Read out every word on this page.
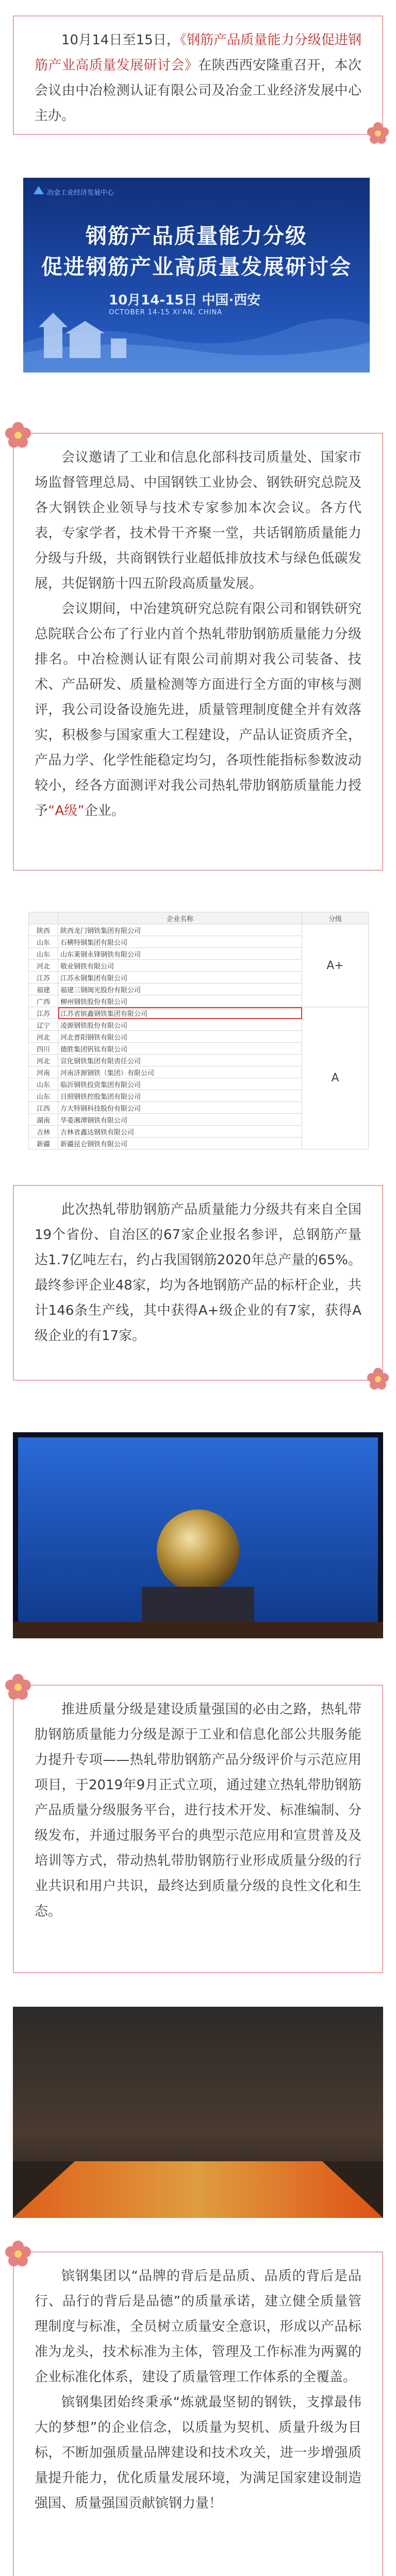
10月14日至15日，《钢筋产品质量能力分级促进钢筋产业高质量发展研讨会》在陕西西安隆重召开，本次会议由中冶检测认证有限公司及冶金工业经济发展中心主办。

冶金工业经济发展中心
钢筋产品质量能力分级
促进钢筋产业高质量发展研讨会
10月14-15日 中国·西安
OCTOBER 14-15 XI'AN, CHINA

会议邀请了工业和信息化部科技司质量处、国家市场监督管理总局、中国钢铁工业协会、钢铁研究总院及各大钢铁企业领导与技术专家参加本次会议。各方代表，专家学者，技术骨干齐聚一堂，共话钢筋质量能力分级与升级，共商钢铁行业超低排放技术与绿色低碳发展，共促钢筋十四五阶段高质量发展。

会议期间，中冶建筑研究总院有限公司和钢铁研究总院联合公布了行业内首个热轧带肋钢筋质量能力分级排名。中冶检测认证有限公司前期对我公司装备、技术、产品研发、质量检测等方面进行全方面的审核与测评，我公司设备设施先进，质量管理制度健全并有效落实，积极参与国家重大工程建设，产品认证资质齐全，产品力学、化学性能稳定均匀，各项性能指标参数波动较小，经各方面测评对我公司热轧带肋钢筋质量能力授予“A级”企业。

	企业名称	分级
陕西	陕西龙门钢铁集团有限公司	A+
山东	石横特钢集团有限公司	
山东	山东莱钢永锋钢铁有限公司	
河北	敬业钢铁有限公司	
江苏	江苏永钢集团有限公司	
福建	福建三钢闽光股份有限公司	
广西	柳州钢铁股份有限公司	
江苏	江苏省镔鑫钢铁集团有限公司	A
辽宁	凌源钢铁股份有限公司	
河北	河北普阳钢铁有限公司	
四川	德胜集团钒钛有限公司	
河北	宣化钢铁集团有限责任公司	
河南	河南济源钢铁（集团）有限公司	
山东	临沂钢铁投资集团有限公司	
山东	日照钢铁控股集团有限公司	
江西	方大特钢科技股份有限公司	
湖南	华菱湘潭钢铁有限公司	
吉林	吉林省鑫达钢铁有限公司	
新疆	新疆昆仑钢铁有限公司	

此次热轧带肋钢筋产品质量能力分级共有来自全国19个省份、自治区的67家企业报名参评，总钢筋产量达1.7亿吨左右，约占我国钢筋2020年总产量的65%。最终参评企业48家，均为各地钢筋产品的标杆企业，共计146条生产线，其中获得A+级企业的有7家，获得A级企业的有17家。

推进质量分级是建设质量强国的必由之路，热轧带肋钢筋质量能力分级是源于工业和信息化部公共服务能力提升专项——热轧带肋钢筋产品分级评价与示范应用项目，于2019年9月正式立项，通过建立热轧带肋钢筋产品质量分级服务平台，进行技术开发、标准编制、分级发布，并通过服务平台的典型示范应用和宣贯普及及培训等方式，带动热轧带肋钢筋行业形成质量分级的行业共识和用户共识，最终达到质量分级的良性文化和生态。

镔钢集团以“品牌的背后是品质、品质的背后是品行、品行的背后是品德”的质量承诺，建立健全质量管理制度与标准，全员树立质量安全意识，形成以产品标准为龙头，技术标准为主体，管理及工作标准为两翼的企业标准化体系，建设了质量管理工作体系的全覆盖。

镔钢集团始终秉承“炼就最坚韧的钢铁，支撑最伟大的梦想”的企业信念，以质量为契机、质量升级为目标，不断加强质量品牌建设和技术攻关，进一步增强质量提升能力，优化质量发展环境，为满足国家建设制造强国、质量强国贡献镔钢力量！
